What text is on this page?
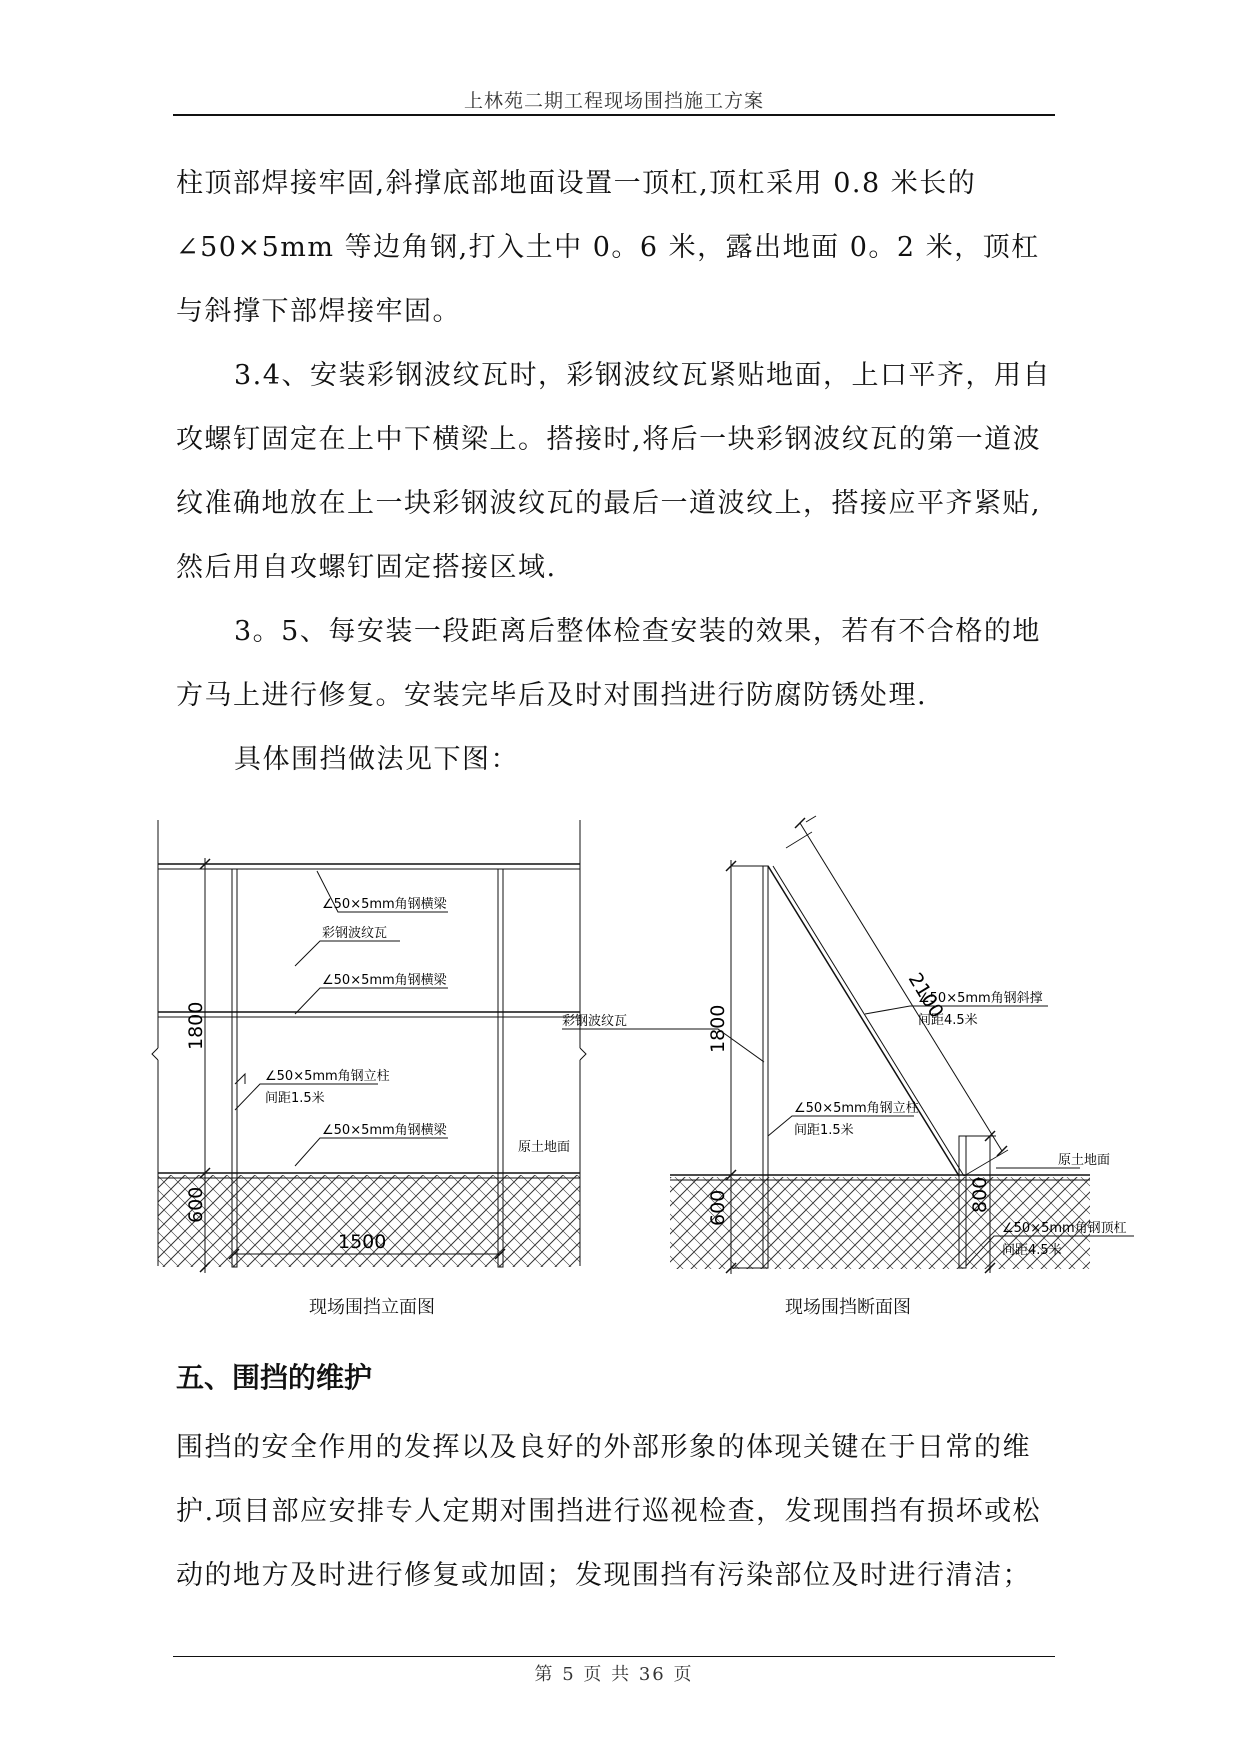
上林苑二期工程现场围挡施工方案

柱顶部焊接牢固,斜撑底部地面设置一顶杠,顶杠采用 0.8 米长的∠50×5mm 等边角钢,打入土中 0。6 米，露出地面 0。2 米，顶杠与斜撑下部焊接牢固。

3.4、安装彩钢波纹瓦时，彩钢波纹瓦紧贴地面，上口平齐，用自攻螺钉固定在上中下横梁上。搭接时,将后一块彩钢波纹瓦的第一道波纹准确地放在上一块彩钢波纹瓦的最后一道波纹上，搭接应平齐紧贴,然后用自攻螺钉固定搭接区域.

3。5、每安装一段距离后整体检查安装的效果，若有不合格的地方马上进行修复。安装完毕后及时对围挡进行防腐防锈处理.

具体围挡做法见下图：

1800
600
1500
∠50×5mm角钢横梁
彩钢波纹瓦
∠50×5mm角钢横梁
∠50×5mm角钢立柱
间距1.5米
∠50×5mm角钢横梁
原土地面
现场围挡立面图
1800
600
2100
800
彩钢波纹瓦
∠50×5mm角钢斜撑
间距4.5米
∠50×5mm角钢立柱
间距1.5米
原土地面
∠50×5mm角钢顶杠
间距4.5米
现场围挡断面图
五、围挡的维护

围挡的安全作用的发挥以及良好的外部形象的体现关键在于日常的维护.项目部应安排专人定期对围挡进行巡视检查，发现围挡有损坏或松动的地方及时进行修复或加固；发现围挡有污染部位及时进行清洁；

第 5 页 共 36 页
